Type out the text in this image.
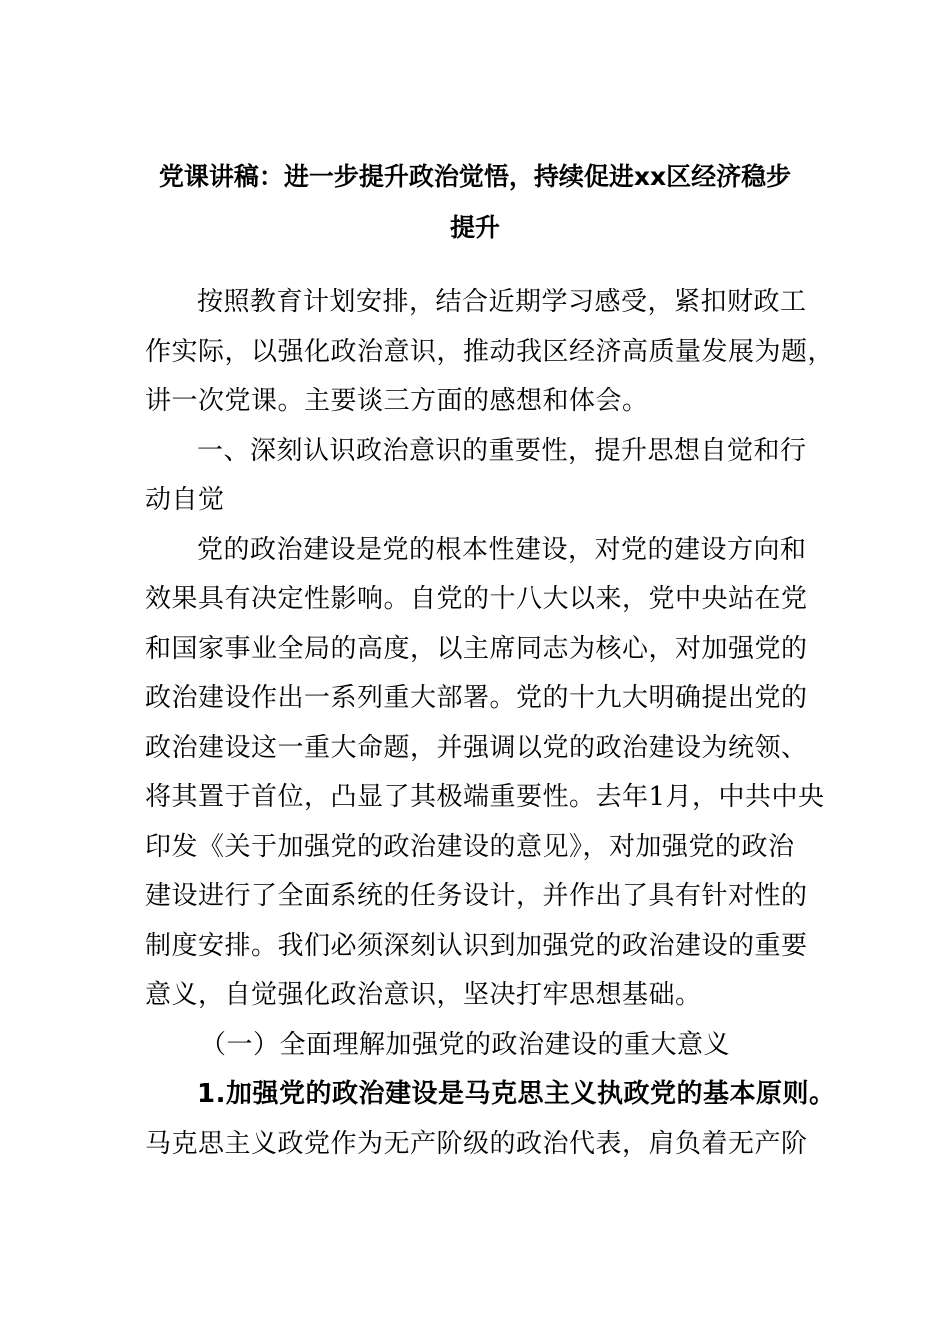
党课讲稿：进一步提升政治觉悟，持续促进xx区经济稳步
提升
按照教育计划安排，结合近期学习感受，紧扣财政工
作实际，以强化政治意识，推动我区经济高质量发展为题，
讲一次党课。主要谈三方面的感想和体会。
一、深刻认识政治意识的重要性，提升思想自觉和行
动自觉
党的政治建设是党的根本性建设，对党的建设方向和
效果具有决定性影响。自党的十八大以来，党中央站在党
和国家事业全局的高度，以主席同志为核心，对加强党的
政治建设作出一系列重大部署。党的十九大明确提出党的
政治建设这一重大命题，并强调以党的政治建设为统领、
将其置于首位，凸显了其极端重要性。去年1月，中共中央
印发《关于加强党的政治建设的意见》，对加强党的政治
建设进行了全面系统的任务设计，并作出了具有针对性的
制度安排。我们必须深刻认识到加强党的政治建设的重要
意义，自觉强化政治意识，坚决打牢思想基础。
（一）全面理解加强党的政治建设的重大意义
1.加强党的政治建设是马克思主义执政党的基本原则。
马克思主义政党作为无产阶级的政治代表，肩负着无产阶
